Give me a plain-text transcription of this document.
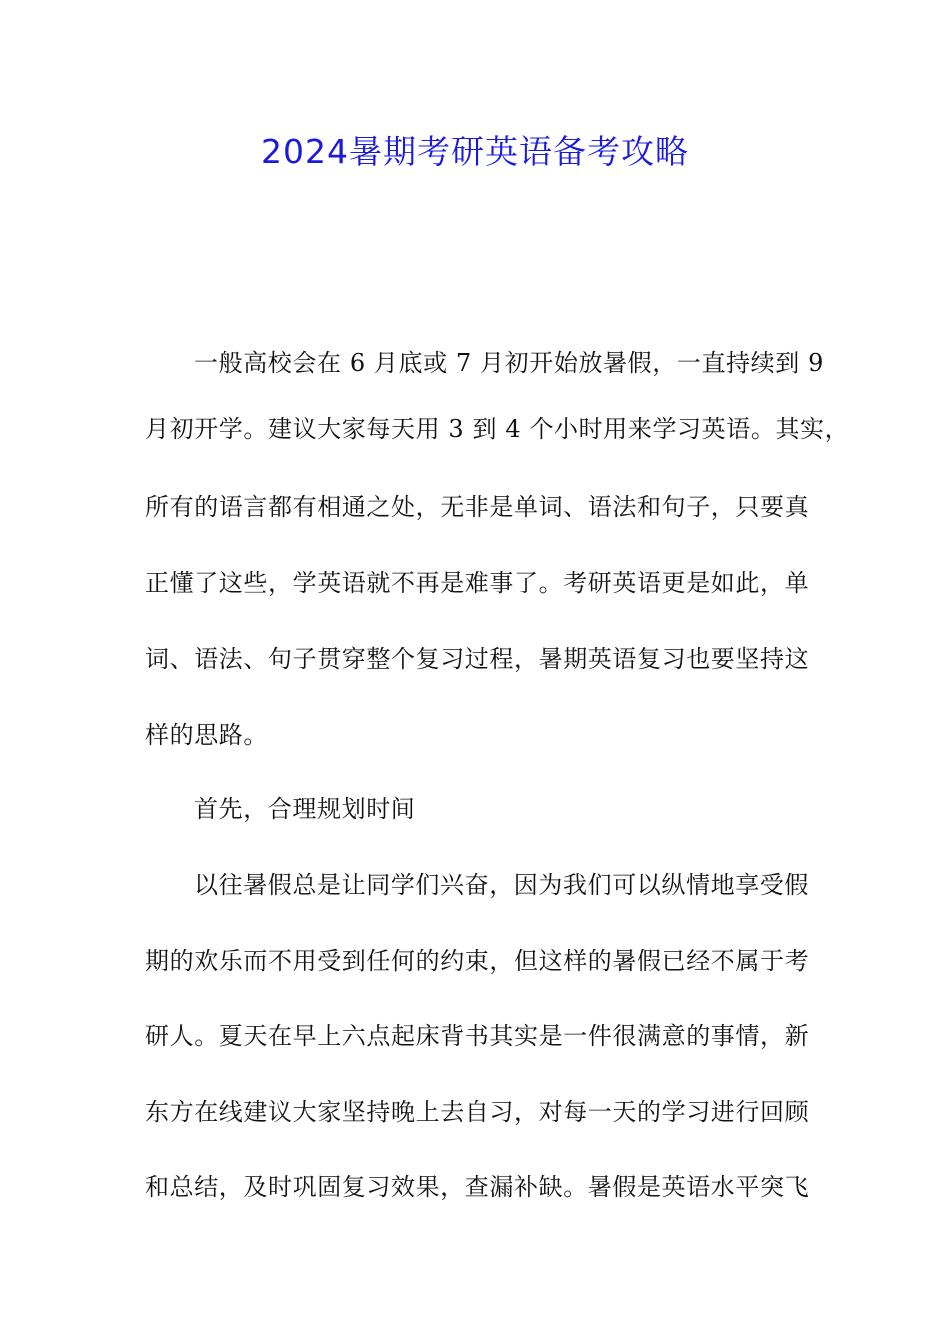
2024暑期考研英语备考攻略
一般高校会在 6 月底或 7 月初开始放暑假，一直持续到 9
月初开学。建议大家每天用 3 到 4 个小时用来学习英语。其实，
所有的语言都有相通之处，无非是单词、语法和句子，只要真
正懂了这些，学英语就不再是难事了。考研英语更是如此，单
词、语法、句子贯穿整个复习过程，暑期英语复习也要坚持这
样的思路。
首先，合理规划时间
以往暑假总是让同学们兴奋，因为我们可以纵情地享受假
期的欢乐而不用受到任何的约束，但这样的暑假已经不属于考
研人。夏天在早上六点起床背书其实是一件很满意的事情，新
东方在线建议大家坚持晚上去自习，对每一天的学习进行回顾
和总结，及时巩固复习效果，查漏补缺。暑假是英语水平突飞
